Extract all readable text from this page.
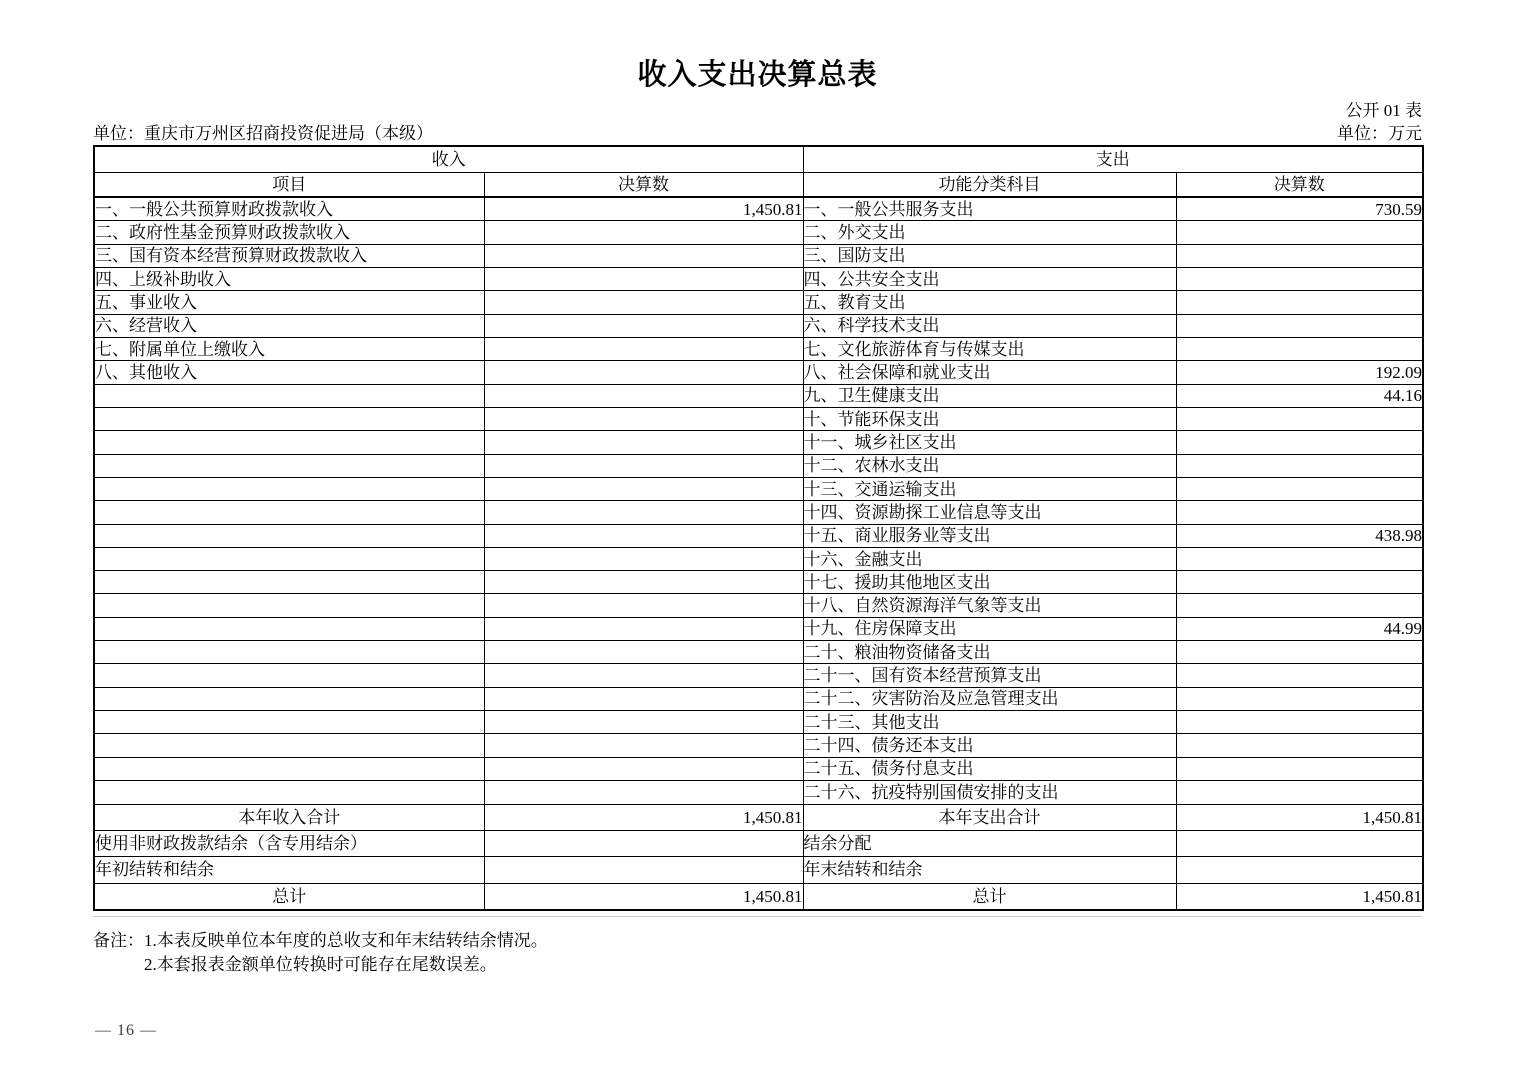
收入支出决算总表
公开 01 表
单位：重庆市万州区招商投资促进局（本级）	单位：万元
收入		支出	
项目	决算数	功能分类科目	决算数
一、一般公共预算财政拨款收入	1,450.81	一、一般公共服务支出	730.59
二、政府性基金预算财政拨款收入		二、外交支出	
三、国有资本经营预算财政拨款收入		三、国防支出	
四、上级补助收入		四、公共安全支出	
五、事业收入		五、教育支出	
六、经营收入		六、科学技术支出	
七、附属单位上缴收入		七、文化旅游体育与传媒支出	
八、其他收入		八、社会保障和就业支出	192.09
		九、卫生健康支出	44.16
		十、节能环保支出	
		十一、城乡社区支出	
		十二、农林水支出	
		十三、交通运输支出	
		十四、资源勘探工业信息等支出	
		十五、商业服务业等支出	438.98
		十六、金融支出	
		十七、援助其他地区支出	
		十八、自然资源海洋气象等支出	
		十九、住房保障支出	44.99
		二十、粮油物资储备支出	
		二十一、国有资本经营预算支出	
		二十二、灾害防治及应急管理支出	
		二十三、其他支出	
		二十四、债务还本支出	
		二十五、债务付息支出	
		二十六、抗疫特别国债安排的支出	
本年收入合计	1,450.81	本年支出合计	1,450.81
使用非财政拨款结余（含专用结余）		结余分配	
年初结转和结余		年末结转和结余	
总计	1,450.81	总计	1,450.81
备注： 1.本表反映单位本年度的总收支和年末结转结余情况。
2.本套报表金额单位转换时可能存在尾数误差。
— 16 —
